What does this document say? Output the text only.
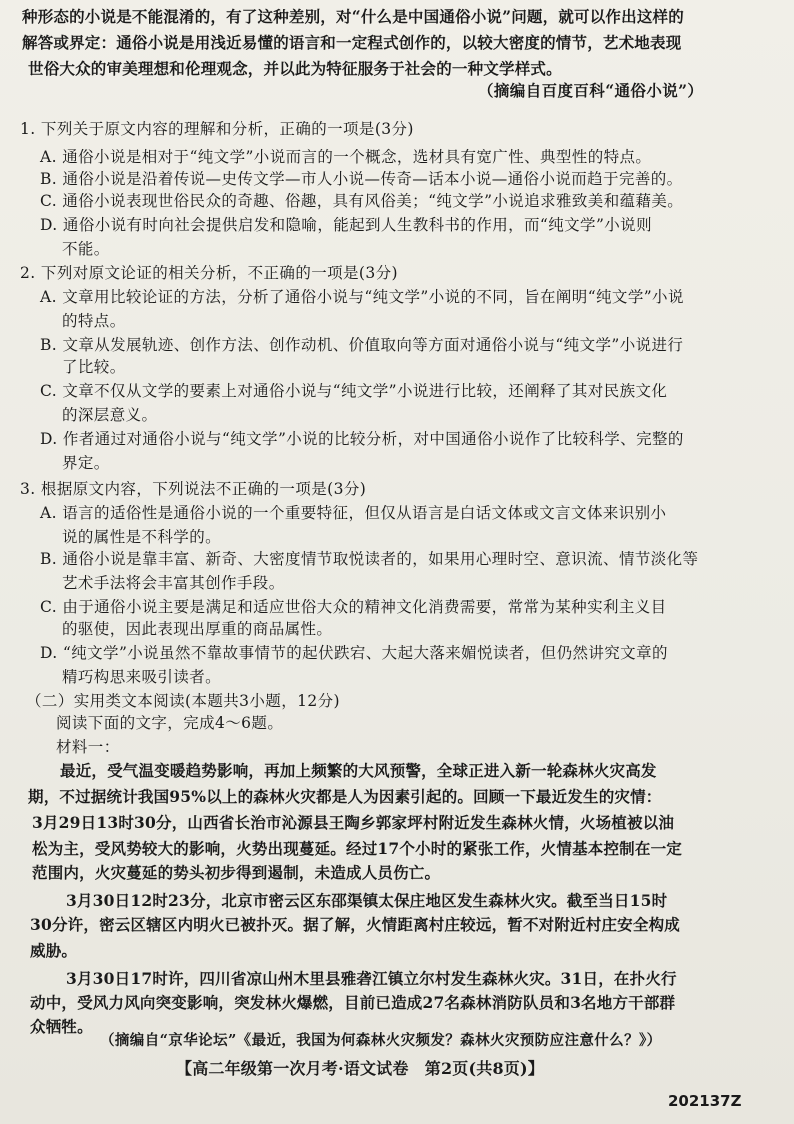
种形态的小说是不能混淆的，有了这种差别，对“什么是中国通俗小说”问题，就可以作出这样的
解答或界定：通俗小说是用浅近易懂的语言和一定程式创作的，以较大密度的情节，艺术地表现
世俗大众的审美理想和伦理观念，并以此为特征服务于社会的一种文学样式。
（摘编自百度百科“通俗小说”）
1. 下列关于原文内容的理解和分析，正确的一项是(3分)
A. 通俗小说是相对于“纯文学”小说而言的一个概念，选材具有宽广性、典型性的特点。
B. 通俗小说是沿着传说—史传文学—市人小说—传奇—话本小说—通俗小说而趋于完善的。
C. 通俗小说表现世俗民众的奇趣、俗趣，具有风俗美；“纯文学”小说追求雅致美和蕴藉美。
D. 通俗小说有时向社会提供启发和隐喻，能起到人生教科书的作用，而“纯文学”小说则
不能。
2. 下列对原文论证的相关分析，不正确的一项是(3分)
A. 文章用比较论证的方法，分析了通俗小说与“纯文学”小说的不同，旨在阐明“纯文学”小说
的特点。
B. 文章从发展轨迹、创作方法、创作动机、价值取向等方面对通俗小说与“纯文学”小说进行
了比较。
C. 文章不仅从文学的要素上对通俗小说与“纯文学”小说进行比较，还阐释了其对民族文化
的深层意义。
D. 作者通过对通俗小说与“纯文学”小说的比较分析，对中国通俗小说作了比较科学、完整的
界定。
3. 根据原文内容，下列说法不正确的一项是(3分)
A. 语言的适俗性是通俗小说的一个重要特征，但仅从语言是白话文体或文言文体来识别小
说的属性是不科学的。
B. 通俗小说是靠丰富、新奇、大密度情节取悦读者的，如果用心理时空、意识流、情节淡化等
艺术手法将会丰富其创作手段。
C. 由于通俗小说主要是满足和适应世俗大众的精神文化消费需要，常常为某种实利主义目
的驱使，因此表现出厚重的商品属性。
D. “纯文学”小说虽然不靠故事情节的起伏跌宕、大起大落来媚悦读者，但仍然讲究文章的
精巧构思来吸引读者。
（二）实用类文本阅读(本题共3小题，12分)
阅读下面的文字，完成4～6题。
材料一：
最近，受气温变暖趋势影响，再加上频繁的大风预警，全球正进入新一轮森林火灾高发
期，不过据统计我国95%以上的森林火灾都是人为因素引起的。回顾一下最近发生的灾情：
3月29日13时30分，山西省长治市沁源县王陶乡郭家坪村附近发生森林火情，火场植被以油
松为主，受风势较大的影响，火势出现蔓延。经过17个小时的紧张工作，火情基本控制在一定
范围内，火灾蔓延的势头初步得到遏制，未造成人员伤亡。
3月30日12时23分，北京市密云区东邵渠镇太保庄地区发生森林火灾。截至当日15时
30分许，密云区辖区内明火已被扑灭。据了解，火情距离村庄较远，暂不对附近村庄安全构成
威胁。
3月30日17时许，四川省凉山州木里县雅砻江镇立尔村发生森林火灾。31日，在扑火行
动中，受风力风向突变影响，突发林火爆燃，目前已造成27名森林消防队员和3名地方干部群
众牺牲。
（摘编自“京华论坛”《最近，我国为何森林火灾频发？森林火灾预防应注意什么？》）
【高二年级第一次月考·语文试卷　第2页(共8页)】
202137Z
